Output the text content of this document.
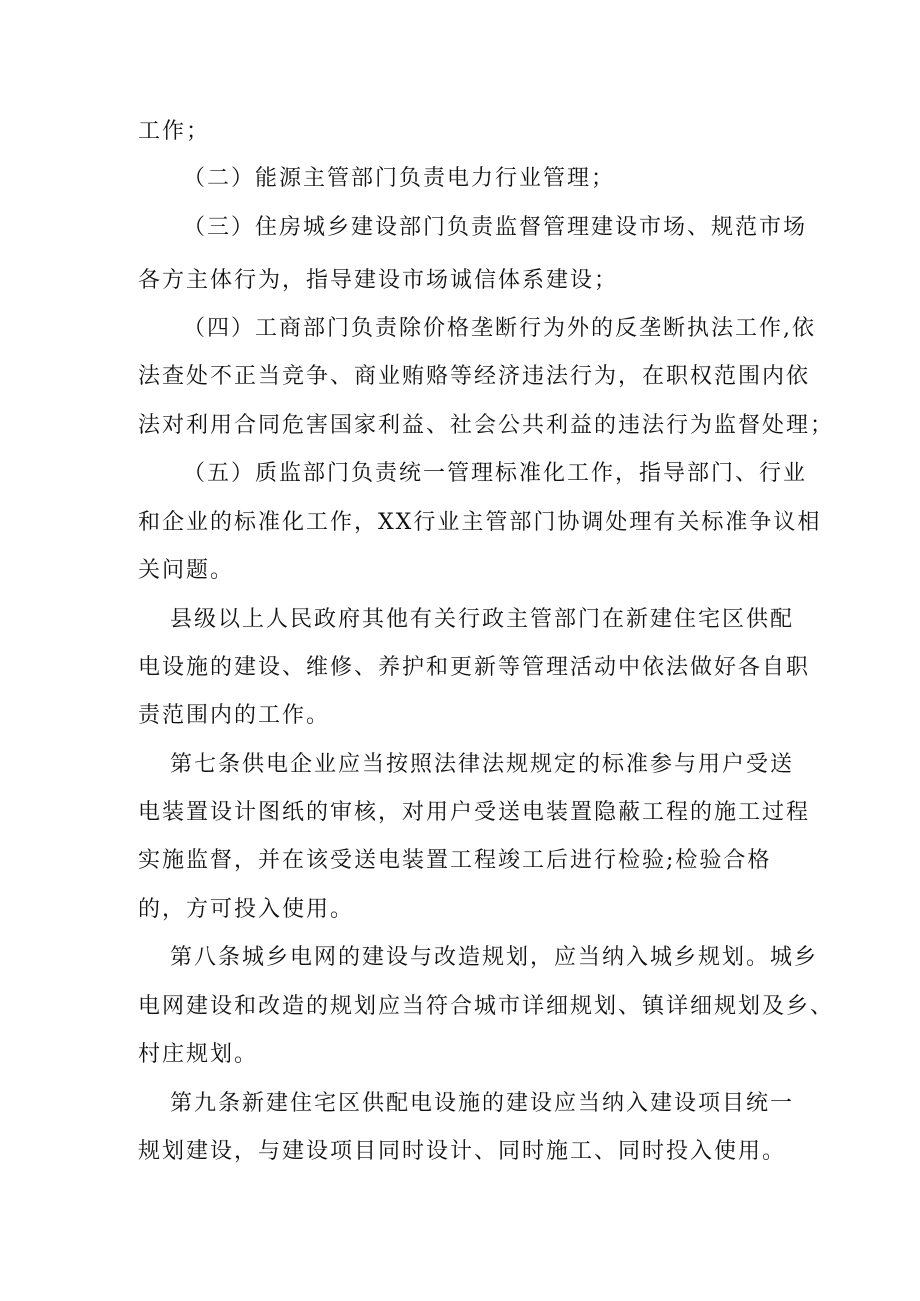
工作；
（二）能源主管部门负责电力行业管理；
（三）住房城乡建设部门负责监督管理建设市场、规范市场
各方主体行为，指导建设市场诚信体系建设；
（四）工商部门负责除价格垄断行为外的反垄断执法工作,依
法查处不正当竞争、商业贿赂等经济违法行为，在职权范围内依
法对利用合同危害国家利益、社会公共利益的违法行为监督处理；
（五）质监部门负责统一管理标准化工作，指导部门、行业
和企业的标准化工作，XX行业主管部门协调处理有关标准争议相
关问题。
县级以上人民政府其他有关行政主管部门在新建住宅区供配
电设施的建设、维修、养护和更新等管理活动中依法做好各自职
责范围内的工作。
第七条供电企业应当按照法律法规规定的标准参与用户受送
电装置设计图纸的审核，对用户受送电装置隐蔽工程的施工过程
实施监督，并在该受送电装置工程竣工后进行检验;检验合格
的，方可投入使用。
第八条城乡电网的建设与改造规划，应当纳入城乡规划。城乡
电网建设和改造的规划应当符合城市详细规划、镇详细规划及乡、
村庄规划。
第九条新建住宅区供配电设施的建设应当纳入建设项目统一
规划建设，与建设项目同时设计、同时施工、同时投入使用。
